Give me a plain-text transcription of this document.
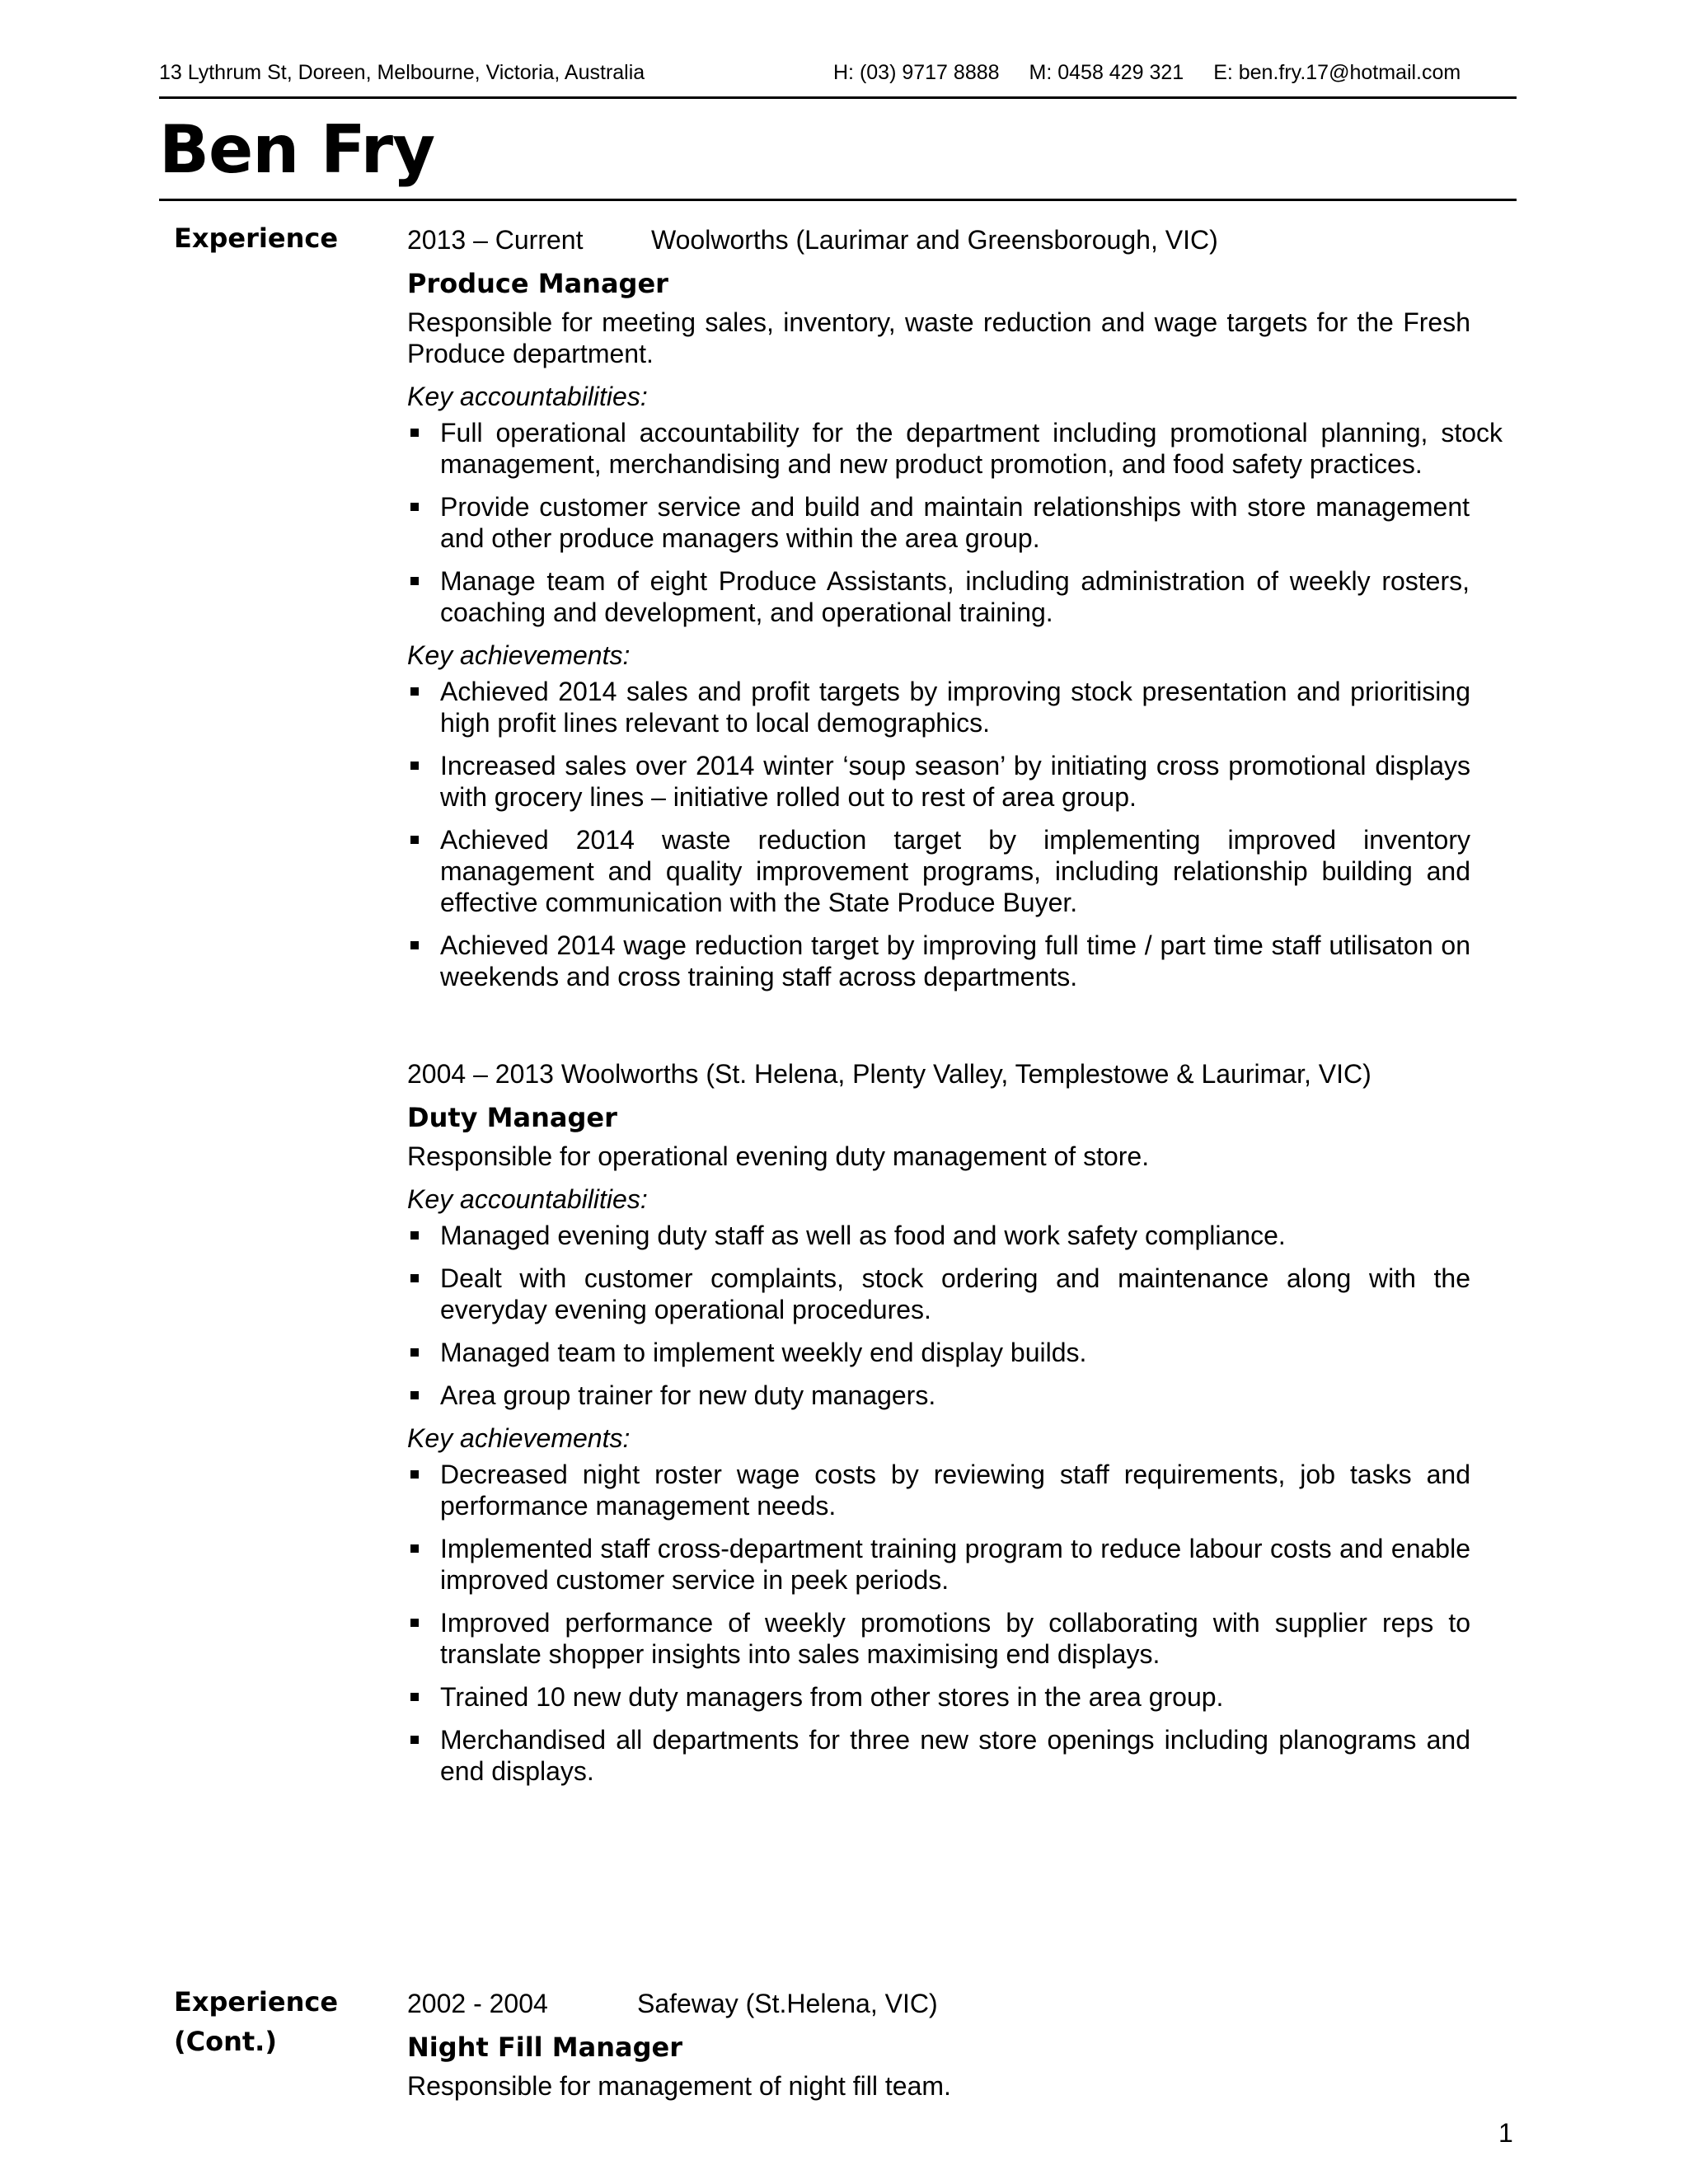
13 Lythrum St, Doreen, Melbourne, Victoria, Australia	H: (03) 9717 8888 M: 0458 429 321 E: ben.fry.17@hotmail.com
Ben Fry
Experience	2013 – Current	Woolworths (Laurimar and Greensborough, VIC)
Produce Manager
Responsible for meeting sales, inventory, waste reduction and wage targets for the Fresh Produce department.
Key accountabilities:
Full operational accountability for the department including promotional planning, stock management, merchandising and new product promotion, and food safety practices.
Provide customer service and build and maintain relationships with store management and other produce managers within the area group.
Manage team of eight Produce Assistants, including administration of weekly rosters, coaching and development, and operational training.
Key achievements:
Achieved 2014 sales and profit targets by improving stock presentation and prioritising high profit lines relevant to local demographics.
Increased sales over 2014 winter ‘soup season’ by initiating cross promotional displays with grocery lines – initiative rolled out to rest of area group.
Achieved 2014 waste reduction target by implementing improved inventory management and quality improvement programs, including relationship building and effective communication with the State Produce Buyer.
Achieved 2014 wage reduction target by improving full time / part time staff utilisaton on weekends and cross training staff across departments.
2004 – 2013 Woolworths (St. Helena, Plenty Valley, Templestowe & Laurimar, VIC)
Duty Manager
Responsible for operational evening duty management of store.
Key accountabilities:
Managed evening duty staff as well as food and work safety compliance.
Dealt with customer complaints, stock ordering and maintenance along with the everyday evening operational procedures.
Managed team to implement weekly end display builds.
Area group trainer for new duty managers.
Key achievements:
Decreased night roster wage costs by reviewing staff requirements, job tasks and performance management needs.
Implemented staff cross-department training program to reduce labour costs and enable improved customer service in peek periods.
Improved performance of weekly promotions by collaborating with supplier reps to translate shopper insights into sales maximising end displays.
Trained 10 new duty managers from other stores in the area group.
Merchandised all departments for three new store openings including planograms and end displays.
Experience
(Cont.)
2002 - 2004	Safeway (St.Helena, VIC)
Night Fill Manager
Responsible for management of night fill team.
1
